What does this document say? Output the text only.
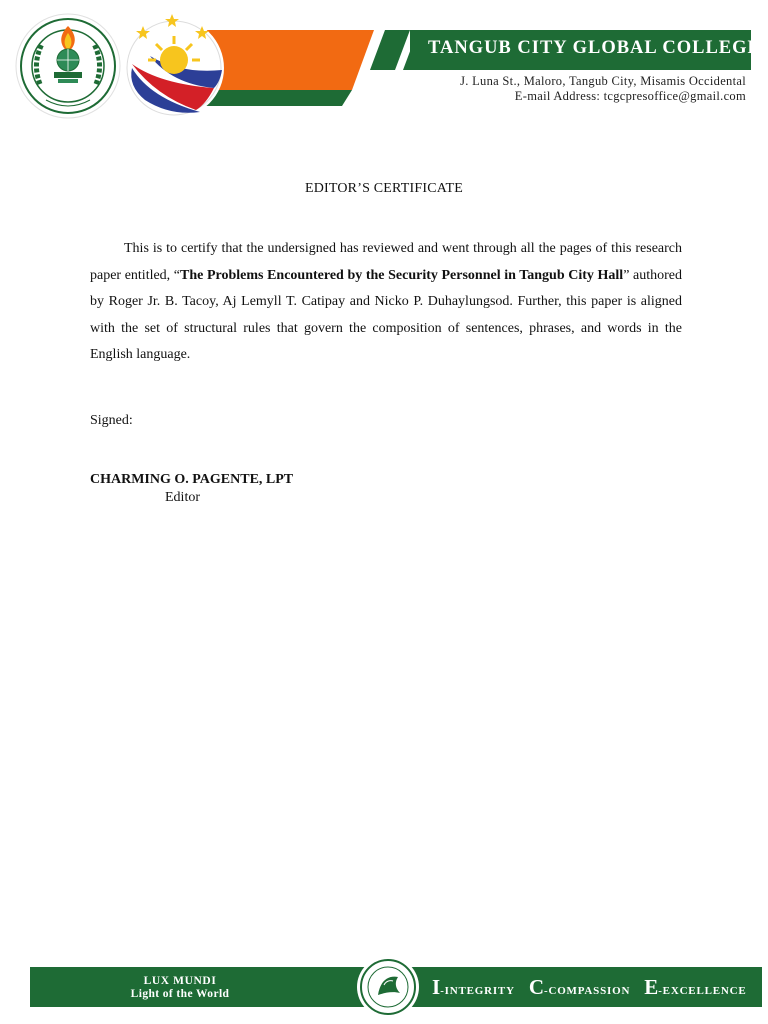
TANGUB CITY GLOBAL COLLEGE
J. Luna St., Maloro, Tangub City, Misamis Occidental
E-mail Address: tcgcpresoffice@gmail.com
EDITOR’S CERTIFICATE
This is to certify that the undersigned has reviewed and went through all the pages of this research paper entitled, “The Problems Encountered by the Security Personnel in Tangub City Hall” authored by Roger Jr. B. Tacoy, Aj Lemyll T. Catipay and Nicko P. Duhaylungsod. Further, this paper is aligned with the set of structural rules that govern the composition of sentences, phrases, and words in the English language.
Signed:
CHARMING O. PAGENTE, LPT
Editor
LUX MUNDI
Light of the World	I-INTEGRITY C-COMPASSION E-EXCELLENCE
